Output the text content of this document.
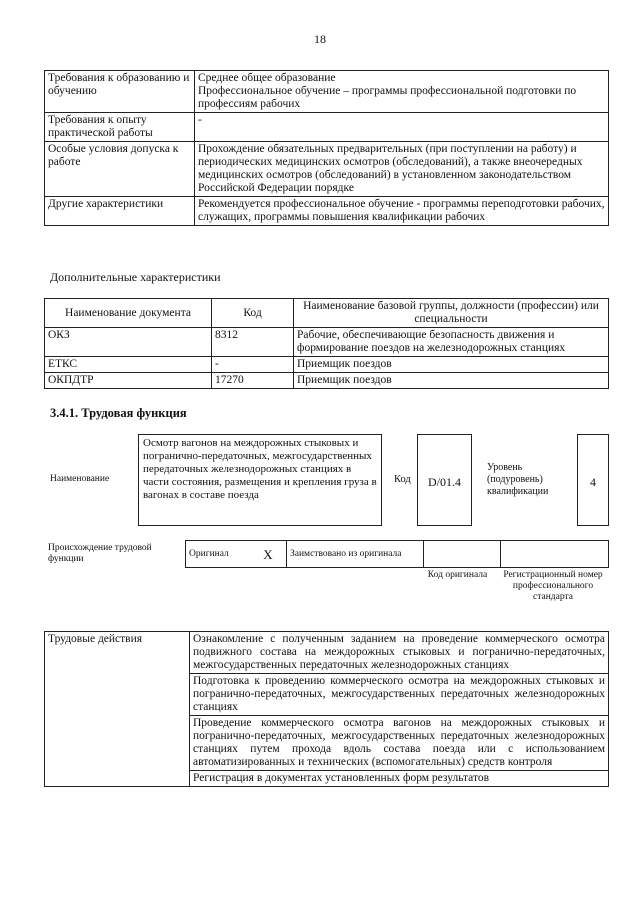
18
Требования к образованию и обучению	Среднее общее образование
Профессиональное обучение – программы профессиональной подготовки по профессиям рабочих

Требования к опыту практической работы	-
Особые условия допуска к работе	Прохождение обязательных предварительных (при поступлении на работу) и периодических медицинских осмотров (обследований), а также внеочередных медицинских осмотров (обследований) в установленном законодательством Российской Федерации порядке
Другие характеристики	Рекомендуется профессиональное обучение - программы переподготовки рабочих, служащих, программы повышения квалификации рабочих
Дополнительные характеристики
Наименование документа	Код	Наименование базовой группы, должности (профессии) или специальности
ОКЗ	8312	Рабочие, обеспечивающие безопасность движения и формирование поездов на железнодорожных станциях
ЕТКС	-	Приемщик поездов
ОКПДТР	17270	Приемщик поездов
3.4.1. Трудовая функция
Наименование
Осмотр вагонов на междорожных стыковых и пограничнo-передаточных, межгосударственных передаточных железнодорожных станциях в части состояния, размещения и крепления груза в вагонах в составе поезда
Код	D/01.4
Уровень (подуровень) квалификации
4
Происхождение трудовой функции
Оригинал	X	Заимствовано из оригинала		
Код оригинала	Регистрационный номер профессионального стандарта
Трудовые действия	Ознакомление с полученным заданием на проведение коммерческого осмотра подвижного состава на междорожных стыковых и пограничнo-передаточных, межгосударственных передаточных железнодорожных станциях
Подготовка к проведению коммерческого осмотра на междорожных стыковых и пограничнo-передаточных, межгосударственных передаточных железнодорожных станциях
Проведение коммерческого осмотра вагонов на междорожных стыковых и пограничнo-передаточных, межгосударственных передаточных железнодорожных станциях путем прохода вдоль состава поезда или с использованием автоматизированных и технических (вспомогательных) средств контроля
Регистрация в документах установленных форм результатов
